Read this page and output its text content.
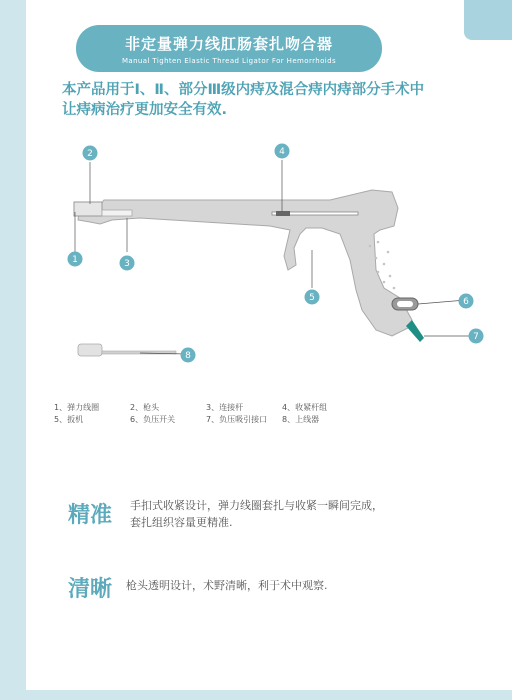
非定量弹力线肛肠套扎吻合器
Manual Tighten Elastic Thread Ligator For Hemorrhoids
本产品用于Ⅰ、Ⅱ、部分Ⅲ级内痔及混合痔内痔部分手术中
让痔病治疗更加安全有效.
1
2
3
4
5	6
7
8
1、弹力线圈	2、枪头	3、连接杆	4、收紧杆组
5、扳机	6、负压开关	7、负压吸引接口	8、上线器
精准 手扣式收紧设计，弹力线圈套扎与收紧一瞬间完成，
套扎组织容量更精准.
清晰 枪头透明设计，术野清晰，利于术中观察.
